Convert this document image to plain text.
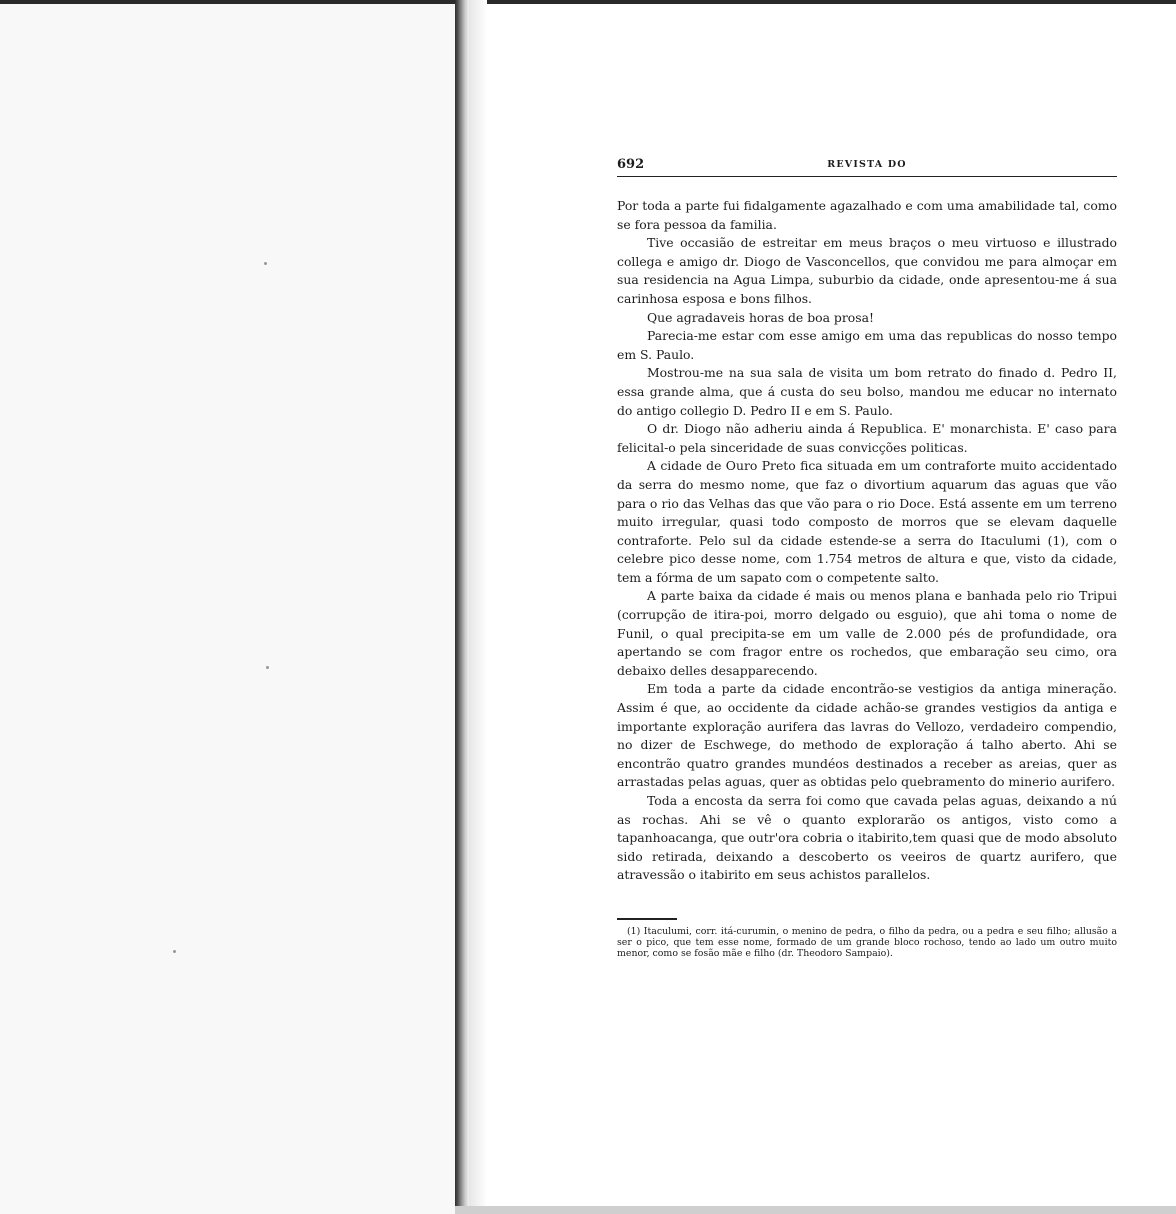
692	REVISTA DO

Por toda a parte fui fidalgamente agazalhado e com uma amabilidade tal, como se fora pessoa da familia.

Tive occasião de estreitar em meus braços o meu virtuoso e illustrado collega e amigo dr. Diogo de Vasconcellos, que convidou me para almoçar em sua residencia na Agua Limpa, suburbio da cidade, onde apresentou-me á sua carinhosa esposa e bons filhos.

Que agradaveis horas de boa prosa!

Parecia-me estar com esse amigo em uma das republicas do nosso tempo em S. Paulo.

Mostrou-me na sua sala de visita um bom retrato do finado d. Pedro II, essa grande alma, que á custa do seu bolso, mandou me educar no internato do antigo collegio D. Pedro II e em S. Paulo.

O dr. Diogo não adheriu ainda á Republica. E' monarchista. E' caso para felicital-o pela sinceridade de suas convicções politicas.

A cidade de Ouro Preto fica situada em um contraforte muito accidentado da serra do mesmo nome, que faz o divortium aquarum das aguas que vão para o rio das Velhas das que vão para o rio Doce. Está assente em um terreno muito irregular, quasi todo composto de morros que se elevam daquelle contraforte. Pelo sul da cidade estende-se a serra do Itaculumi (1), com o celebre pico desse nome, com 1.754 metros de altura e que, visto da cidade, tem a fórma de um sapato com o competente salto.

A parte baixa da cidade é mais ou menos plana e banhada pelo rio Tripui (corrupção de itira-poi, morro delgado ou esguio), que ahi toma o nome de Funil, o qual precipita-se em um valle de 2.000 pés de profundidade, ora apertando se com fragor entre os rochedos, que embaração seu cimo, ora debaixo delles desapparecendo.

Em toda a parte da cidade encontrão-se vestigios da antiga mineração. Assim é que, ao occidente da cidade achão-se grandes vestigios da antiga e importante exploração aurifera das lavras do Vellozo, verdadeiro compendio, no dizer de Eschwege, do methodo de exploração á talho aberto. Ahi se encontrão quatro grandes mundéos destinados a receber as areias, quer as arrastadas pelas aguas, quer as obtidas pelo quebramento do minerio aurifero.

Toda a encosta da serra foi como que cavada pelas aguas, deixando a nú as rochas. Ahi se vê o quanto explorarão os antigos, visto como a tapanhoacanga, que outr'ora cobria o itabirito,tem quasi que de modo absoluto sido retirada, deixando a descoberto os veeiros de quartz aurifero, que atravessão o itabirito em seus achistos parallelos.

(1) Itaculumi, corr. itá-curumin, o menino de pedra, o filho da pedra, ou a pedra e seu filho; allusão a ser o pico, que tem esse nome, formado de um grande bloco rochoso, tendo ao lado um outro muito menor, como se fosão mãe e filho (dr. Theodoro Sampaio).
